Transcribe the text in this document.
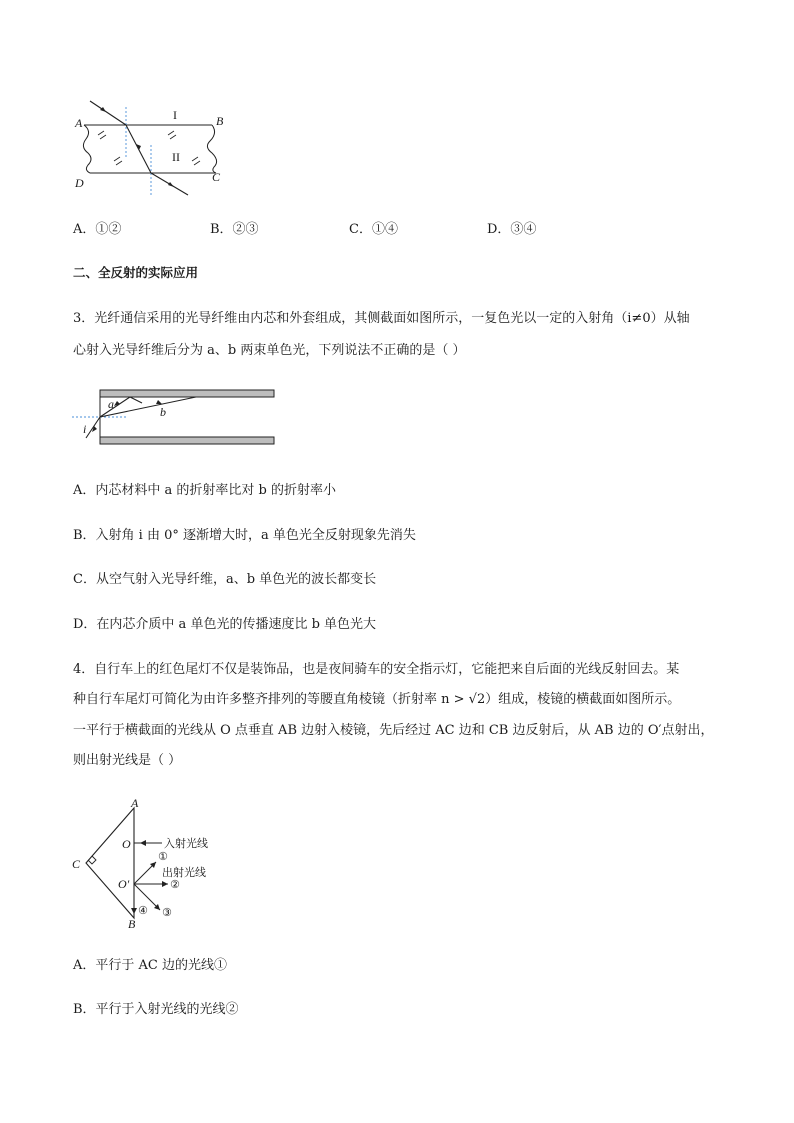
A	B
C
D
I
II
A．①②	B．②③	C．①④	D．③④
二、全反射的实际应用
3．光纤通信采用的光导纤维由内芯和外套组成，其侧截面如图所示，一复色光以一定的入射角（i≠0）从轴
心射入光导纤维后分为 a、b 两束单色光，下列说法不正确的是（ ）
a
b
i
A．内芯材料中 a 的折射率比对 b 的折射率小
B．入射角 i 由 0° 逐渐增大时，a 单色光全反射现象先消失
C．从空气射入光导纤维，a、b 单色光的波长都变长
D．在内芯介质中 a 单色光的传播速度比 b 单色光大
4．自行车上的红色尾灯不仅是装饰品，也是夜间骑车的安全指示灯，它能把来自后面的光线反射回去。某
种自行车尾灯可简化为由许多整齐排列的等腰直角棱镜（折射率 n > √2）组成，棱镜的横截面如图所示。
一平行于横截面的光线从 O 点垂直 AB 边射入棱镜，先后经过 AC 边和 CB 边反射后，从 AB 边的 O′点射出，
则出射光线是（ ）
A
C
B
O
O′
入射光线
出射光线
①
②
③
④
A．平行于 AC 边的光线①
B．平行于入射光线的光线②
